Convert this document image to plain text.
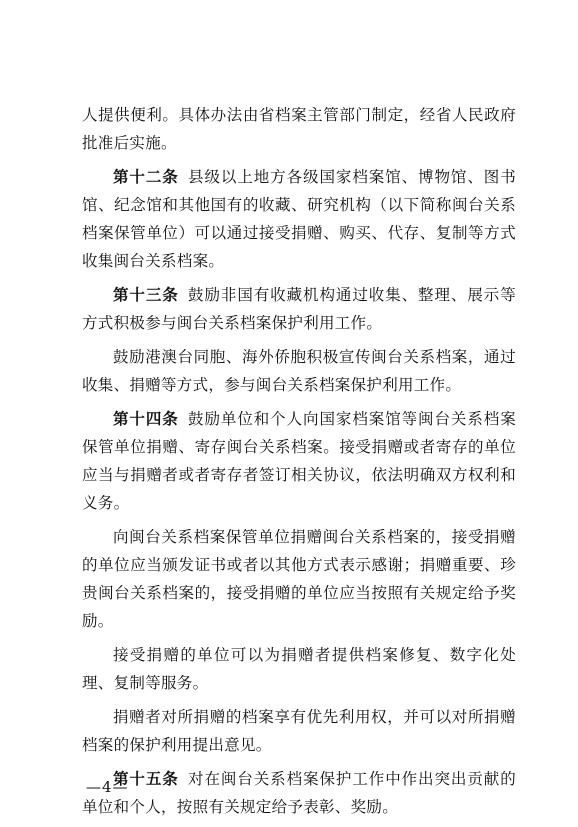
人提供便利。具体办法由省档案主管部门制定，经省人民政府批准后实施。

第十二条 县级以上地方各级国家档案馆、博物馆、图书馆、纪念馆和其他国有的收藏、研究机构（以下简称闽台关系档案保管单位）可以通过接受捐赠、购买、代存、复制等方式收集闽台关系档案。

第十三条 鼓励非国有收藏机构通过收集、整理、展示等方式积极参与闽台关系档案保护利用工作。

鼓励港澳台同胞、海外侨胞积极宣传闽台关系档案，通过收集、捐赠等方式，参与闽台关系档案保护利用工作。

第十四条 鼓励单位和个人向国家档案馆等闽台关系档案保管单位捐赠、寄存闽台关系档案。接受捐赠或者寄存的单位应当与捐赠者或者寄存者签订相关协议，依法明确双方权利和义务。

向闽台关系档案保管单位捐赠闽台关系档案的，接受捐赠的单位应当颁发证书或者以其他方式表示感谢；捐赠重要、珍贵闽台关系档案的，接受捐赠的单位应当按照有关规定给予奖励。

接受捐赠的单位可以为捐赠者提供档案修复、数字化处理、复制等服务。

捐赠者对所捐赠的档案享有优先利用权，并可以对所捐赠档案的保护利用提出意见。

第十五条 对在闽台关系档案保护工作中作出突出贡献的单位和个人，按照有关规定给予表彰、奖励。

—4—
